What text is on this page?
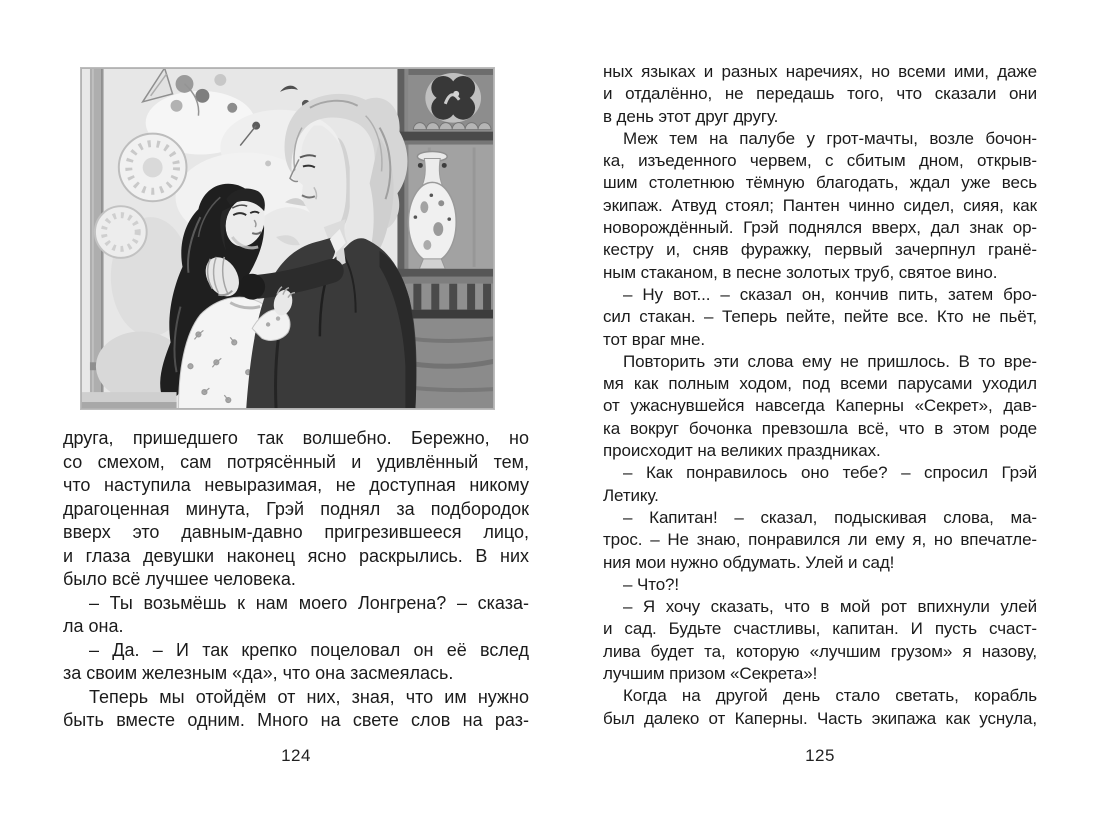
друга, пришедшего так волшебно. Бережно, но
со смехом, сам потрясённый и удивлённый тем,
что наступила невыразимая, не доступная никому
драгоценная минута, Грэй поднял за подбородок
вверх это давным-давно пригрезившееся лицо,
и глаза девушки наконец ясно раскрылись. В них
было всё лучшее человека.
– Ты возьмёшь к нам моего Лонгрена? – сказа-
ла она.
– Да. – И так крепко поцеловал он её вслед
за своим железным «да», что она засмеялась.
Теперь мы отойдём от них, зная, что им нужно
быть вместе одним. Много на свете слов на раз-
124
ных языках и разных наречиях, но всеми ими, даже
и отдалённо, не передашь того, что сказали они
в день этот друг другу.
Меж тем на палубе у грот-мачты, возле бочон-
ка, изъеденного червем, с сбитым дном, открыв-
шим столетнюю тёмную благодать, ждал уже весь
экипаж. Атвуд стоял; Пантен чинно сидел, сияя, как
новорождённый. Грэй поднялся вверх, дал знак ор-
кестру и, сняв фуражку, первый зачерпнул гранё-
ным стаканом, в песне золотых труб, святое вино.
– Ну вот... – сказал он, кончив пить, затем бро-
сил стакан. – Теперь пейте, пейте все. Кто не пьёт,
тот враг мне.
Повторить эти слова ему не пришлось. В то вре-
мя как полным ходом, под всеми парусами уходил
от ужаснувшейся навсегда Каперны «Секрет», дав-
ка вокруг бочонка превзошла всё, что в этом роде
происходит на великих праздниках.
– Как понравилось оно тебе? – спросил Грэй
Летику.
– Капитан! – сказал, подыскивая слова, ма-
трос. – Не знаю, понравился ли ему я, но впечатле-
ния мои нужно обдумать. Улей и сад!
– Что?!
– Я хочу сказать, что в мой рот впихнули улей
и сад. Будьте счастливы, капитан. И пусть счаст-
лива будет та, которую «лучшим грузом» я назову,
лучшим призом «Секрета»!
Когда на другой день стало светать, корабль
был далеко от Каперны. Часть экипажа как уснула,
125
